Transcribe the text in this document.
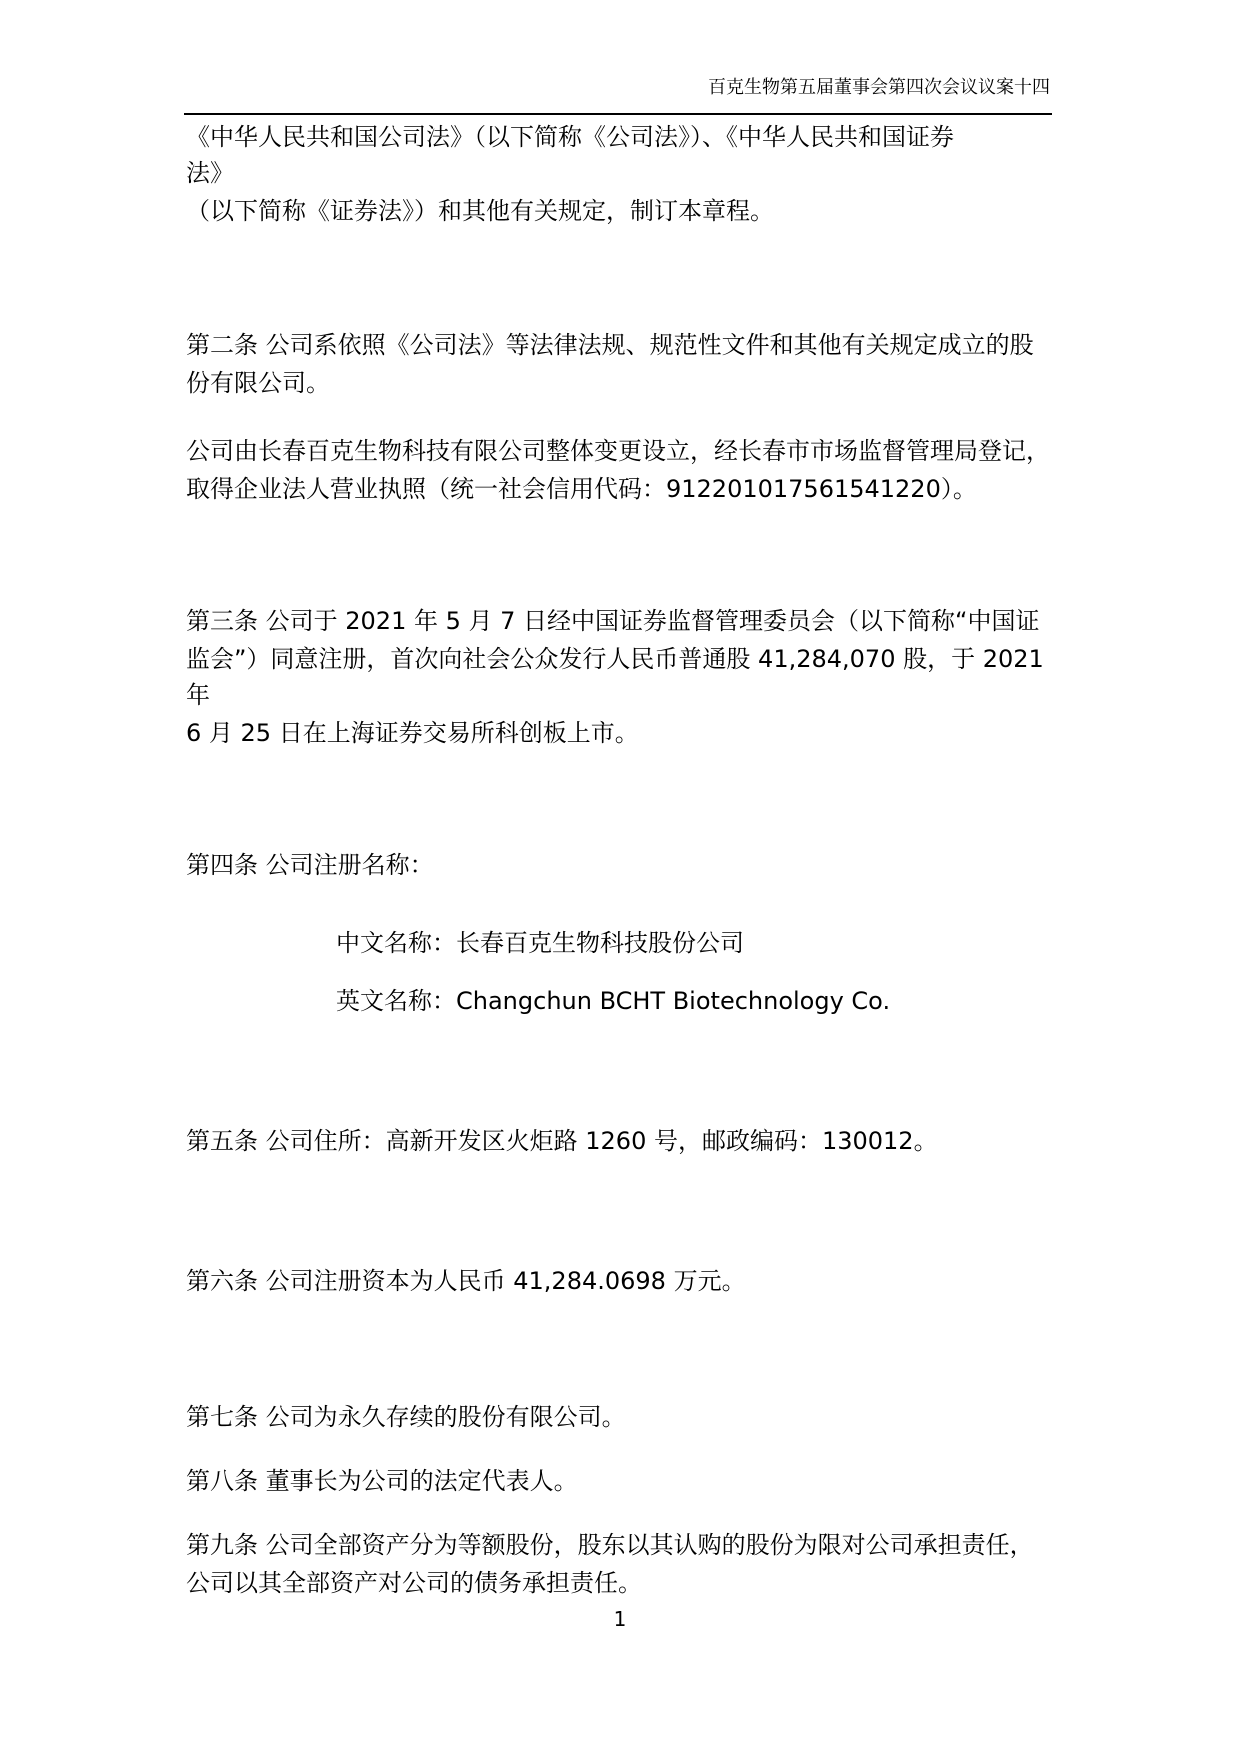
百克生物第五届董事会第四次会议议案十四
《中华人民共和国公司法》（以下简称《公司法》）、《中华人民共和国证券
法》
（以下简称《证券法》）和其他有关规定，制订本章程。
第二条 公司系依照《公司法》等法律法规、规范性文件和其他有关规定成立的股
份有限公司。
公司由长春百克生物科技有限公司整体变更设立，经长春市市场监督管理局登记，
取得企业法人营业执照（统一社会信用代码：912201017561541220）。
第三条 公司于 2021 年 5 月 7 日经中国证券监督管理委员会（以下简称“中国证
监会”）同意注册，首次向社会公众发行人民币普通股 41,284,070 股，于 2021
年
6 月 25 日在上海证券交易所科创板上市。
第四条 公司注册名称：
中文名称：长春百克生物科技股份公司
英文名称：Changchun BCHT Biotechnology Co.
第五条 公司住所：高新开发区火炬路 1260 号，邮政编码：130012。
第六条 公司注册资本为人民币 41,284.0698 万元。
第七条 公司为永久存续的股份有限公司。
第八条 董事长为公司的法定代表人。
第九条 公司全部资产分为等额股份，股东以其认购的股份为限对公司承担责任，
公司以其全部资产对公司的债务承担责任。
1
